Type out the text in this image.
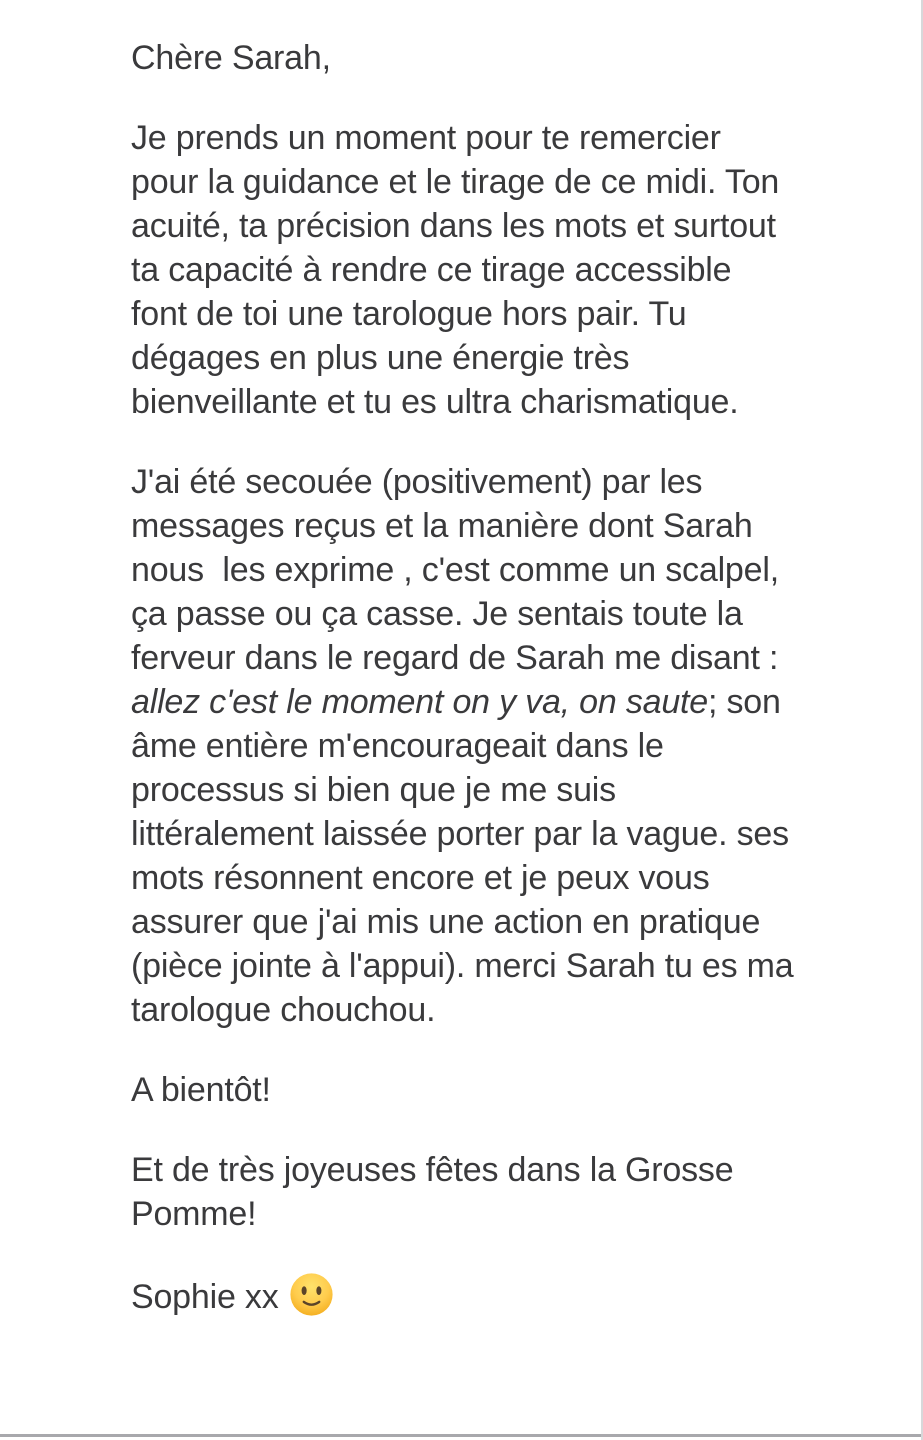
Chère Sarah,

Je prends un moment pour te remercier pour la guidance et le tirage de ce midi. Ton acuité, ta précision dans les mots et surtout ta capacité à rendre ce tirage accessible font de toi une tarologue hors pair. Tu dégages en plus une énergie très bienveillante et tu es ultra charismatique.

J'ai été secouée (positivement) par les messages reçus et la manière dont Sarah nous  les exprime , c'est comme un scalpel,  ça passe ou ça casse. Je sentais toute la ferveur dans le regard de Sarah me disant : allez c'est le moment on y va, on saute; son âme entière m'encourageait dans le processus si bien que je me suis littéralement laissée porter par la vague. ses mots résonnent encore et je peux vous assurer que j'ai mis une action en pratique (pièce jointe à l'appui). merci Sarah tu es ma tarologue chouchou.

A bientôt!

Et de très joyeuses fêtes dans la Grosse Pomme!

Sophie xx
